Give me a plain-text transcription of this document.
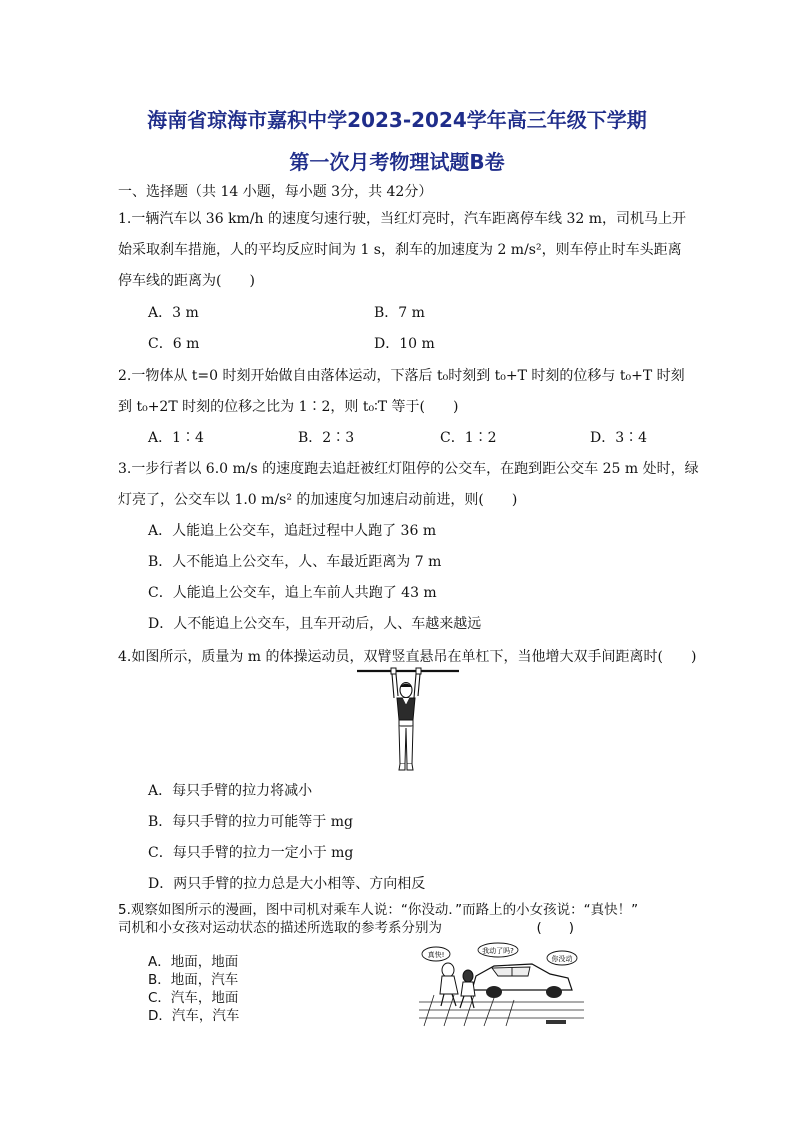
海南省琼海市嘉积中学2023-2024学年高三年级下学期
第一次月考物理试题B卷
一、选择题（共 14 小题，每小题 3分，共 42分）
1.一辆汽车以 36 km/h 的速度匀速行驶，当红灯亮时，汽车距离停车线 32 m，司机马上开
始采取刹车措施，人的平均反应时间为 1 s，刹车的加速度为 2 m/s²，则车停止时车头距离
停车线的距离为(　　)
A．3 m	B．7 m
C．6 m	D．10 m
2.一物体从 t=0 时刻开始做自由落体运动，下落后 t₀时刻到 t₀+T 时刻的位移与 t₀+T 时刻
到 t₀+2T 时刻的位移之比为 1∶2，则 t₀∶T 等于(　　)
A．1∶4	B．2∶3	C．1∶2	D．3∶4
3.一步行者以 6.0 m/s 的速度跑去追赶被红灯阻停的公交车，在跑到距公交车 25 m 处时，绿
灯亮了，公交车以 1.0 m/s² 的加速度匀加速启动前进，则(　　)
A．人能追上公交车，追赶过程中人跑了 36 m
B．人不能追上公交车，人、车最近距离为 7 m
C．人能追上公交车，追上车前人共跑了 43 m
D．人不能追上公交车，且车开动后，人、车越来越远
4.如图所示，质量为 m 的体操运动员，双臂竖直悬吊在单杠下，当他增大双手间距离时(　　)
A．每只手臂的拉力将减小
B．每只手臂的拉力可能等于 mg
C．每只手臂的拉力一定小于 mg
D．两只手臂的拉力总是大小相等、方向相反
5.观察如图所示的漫画，图中司机对乘车人说：“你没动．”而路上的小女孩说：“真快！”
司机和小女孩对运动状态的描述所选取的参考系分别为　　　　　　　(　　)
A．地面，地面
B．地面，汽车
C．汽车，地面
D．汽车，汽车
真快!	我动了吗?
你没动
